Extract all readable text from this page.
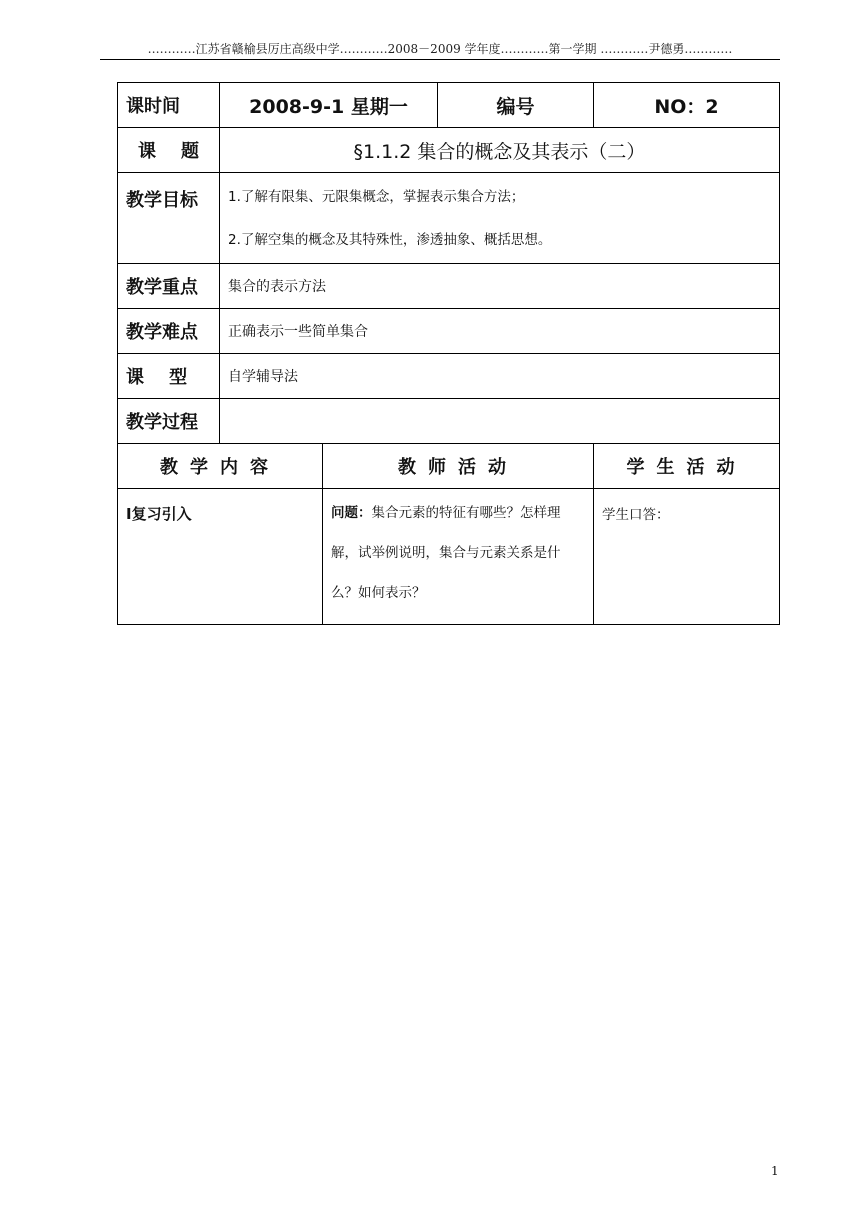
…………江苏省赣榆县厉庄高级中学…………2008－2009 学年度…………第一学期 …………尹德勇…………
课时间	2008-9-1 星期一		编号	NO：2
课    题	§1.1.2 集合的概念及其表示（二）			
教学目标	1.了解有限集、元限集概念，掌握表示集合方法；
2.了解空集的概念及其特殊性，渗透抽象、概括思想。			

教学重点	集合的表示方法			
教学难点	正确表示一些简单集合			
课    型	自学辅导法			
教学过程				
教学内容		教师活动		学生活动
Ⅰ复习引入		问题：集合元素的特征有哪些？怎样理解，试举例说明，集合与元素关系是什么？如何表示？		学生口答：
1
